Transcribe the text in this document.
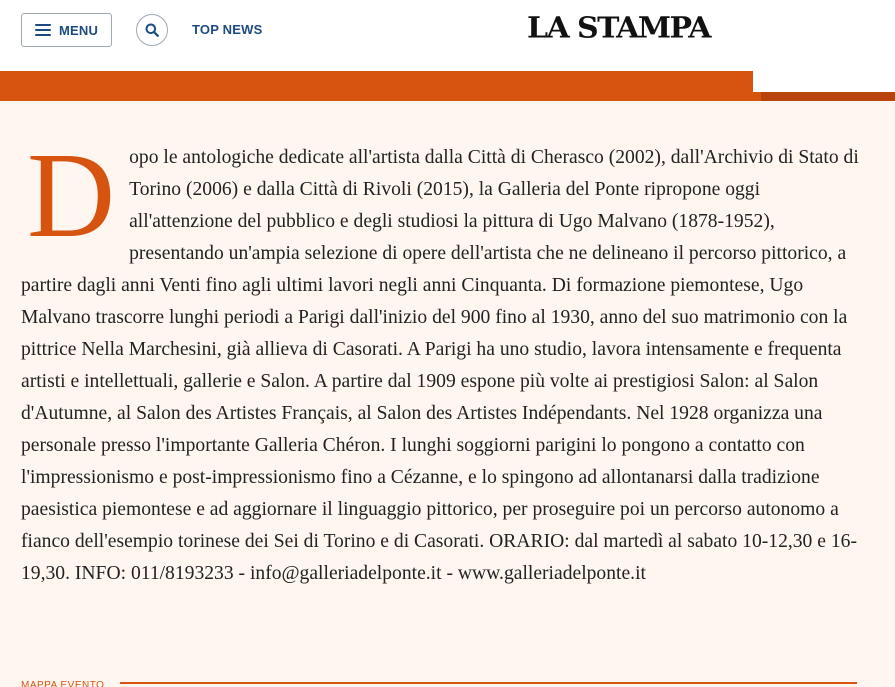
MENU	TOP NEWS	LA STAMPA
D opo le antologiche dedicate all'artista dalla Città di Cherasco (2002), dall'Archivio di Stato di Torino (2006) e dalla Città di Rivoli (2015), la Galleria del Ponte ripropone oggi all'attenzione del pubblico e degli studiosi la pittura di Ugo Malvano (1878-1952), presentando un'ampia selezione di opere dell'artista che ne delineano il percorso pittorico, a partire dagli anni Venti fino agli ultimi lavori negli anni Cinquanta. Di formazione piemontese, Ugo Malvano trascorre lunghi periodi a Parigi dall'inizio del 900 fino al 1930, anno del suo matrimonio con la pittrice Nella Marchesini, già allieva di Casorati. A Parigi ha uno studio, lavora intensamente e frequenta artisti e intellettuali, gallerie e Salon. A partire dal 1909 espone più volte ai prestigiosi Salon: al Salon d'Autumne, al Salon des Artistes Français, al Salon des Artistes Indépendants. Nel 1928 organizza una personale presso l'importante Galleria Chéron. I lunghi soggiorni parigini lo pongono a contatto con l'impressionismo e post-impressionismo fino a Cézanne, e lo spingono ad allontanarsi dalla tradizione paesistica piemontese e ad aggiornare il linguaggio pittorico, per proseguire poi un percorso autonomo a fianco dell'esempio torinese dei Sei di Torino e di Casorati. ORARIO: dal martedì al sabato 10-12,30 e 16-19,30. INFO: 011/8193233 - info@galleriadelponte.it - www.galleriadelponte.it
MAPPA EVENTO
